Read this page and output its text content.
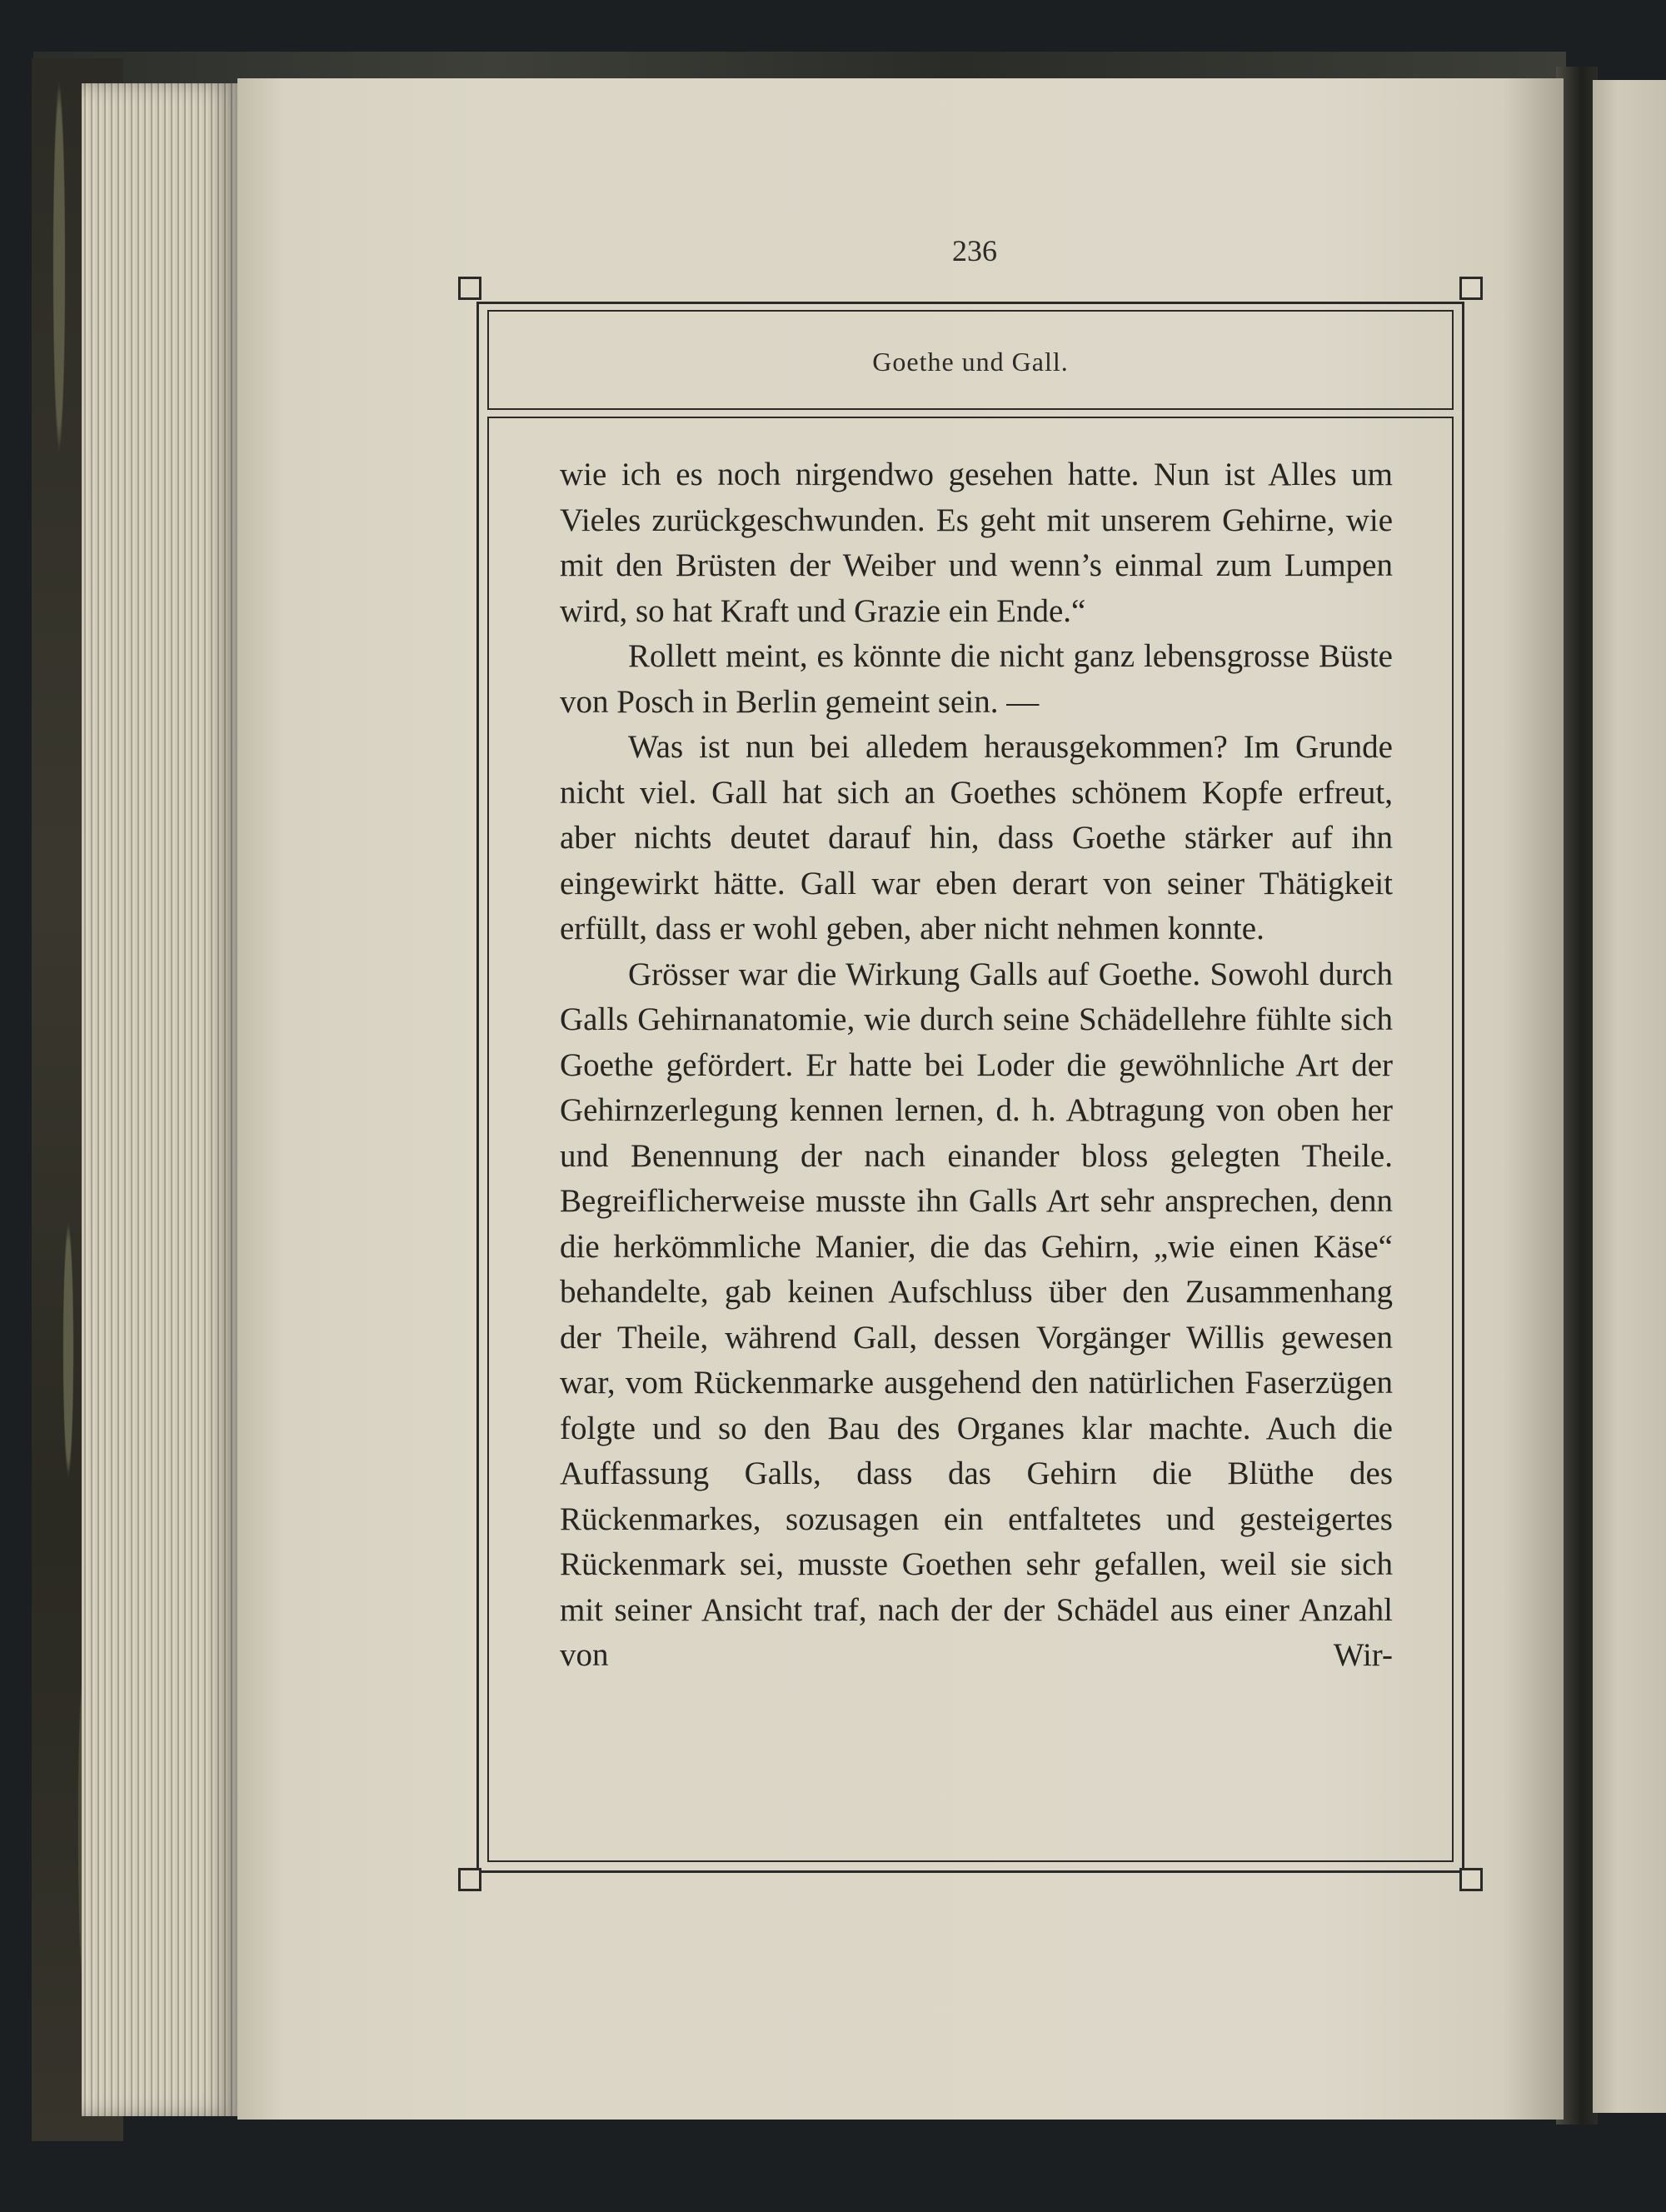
236
Goethe und Gall.

wie ich es noch nirgendwo gesehen hatte. Nun ist Alles um Vieles zurückgeschwunden. Es geht mit unserem Gehirne, wie mit den Brüsten der Weiber und wenn’s einmal zum Lumpen wird, so hat Kraft und Grazie ein Ende.“

Rollett meint, es könnte die nicht ganz lebensgrosse Büste von Posch in Berlin gemeint sein. —

Was ist nun bei alledem herausgekommen? Im Grunde nicht viel. Gall hat sich an Goethes schönem Kopfe erfreut, aber nichts deutet darauf hin, dass Goethe stärker auf ihn eingewirkt hätte. Gall war eben derart von seiner Thätigkeit erfüllt, dass er wohl geben, aber nicht nehmen konnte.

Grösser war die Wirkung Galls auf Goethe. Sowohl durch Galls Gehirnanatomie, wie durch seine Schädellehre fühlte sich Goethe gefördert. Er hatte bei Loder die gewöhnliche Art der Gehirnzerlegung kennen lernen, d. h. Abtragung von oben her und Benennung der nach einander bloss gelegten Theile. Begreiflicherweise musste ihn Galls Art sehr ansprechen, denn die herkömmliche Manier, die das Gehirn, „wie einen Käse“ behandelte, gab keinen Aufschluss über den Zusammenhang der Theile, während Gall, dessen Vorgänger Willis gewesen war, vom Rückenmarke ausgehend den natürlichen Faserzügen folgte und so den Bau des Organes klar machte. Auch die Auffassung Galls, dass das Gehirn die Blüthe des Rückenmarkes, sozusagen ein entfaltetes und gesteigertes Rückenmark sei, musste Goethen sehr gefallen, weil sie sich mit seiner Ansicht traf, nach der der Schädel aus einer Anzahl von Wir-
